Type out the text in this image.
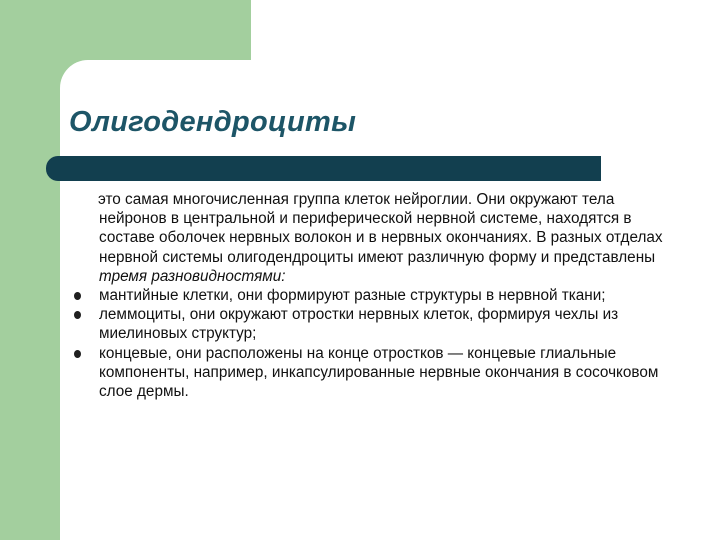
Олигодендроциты
это самая многочисленная группа клеток нейроглии. Они окружают тела нейронов в центральной и периферической нервной системе, находятся в составе оболочек нервных волокон и в нервных окончаниях. В разных отделах нервной системы олигодендроциты имеют различную форму и представлены тремя разновидностями:
мантийные клетки, они формируют разные структуры в нервной ткани;
леммоциты, они окружают отростки нервных клеток, формируя чехлы из миелиновых структур;
концевые, они расположены на конце отростков — концевые глиальные компоненты, например, инкапсулированные нервные окончания в сосочковом слое дермы.
